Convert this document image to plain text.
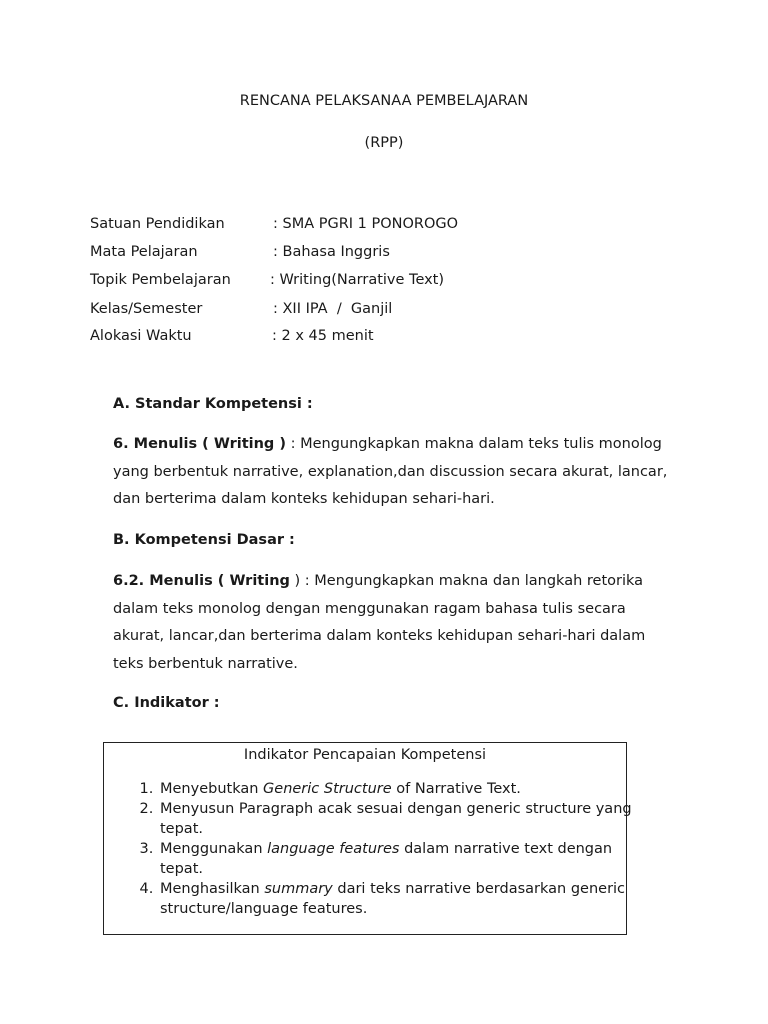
RENCANA PELAKSANAA PEMBELAJARAN
(RPP)
Satuan Pendidikan	: SMA PGRI 1 PONOROGO
Mata Pelajaran	: Bahasa Inggris
Topik Pembelajaran	: Writing(Narrative Text)
Kelas/Semester	: XII IPA  /  Ganjil
Alokasi Waktu	: 2 x 45 menit
A. Standar Kompetensi :
6. Menulis ( Writing ) : Mengungkapkan makna dalam teks tulis monolog yang berbentuk narrative, explanation,dan discussion secara akurat, lancar, dan berterima dalam konteks kehidupan sehari-hari.
B. Kompetensi Dasar :
6.2. Menulis ( Writing ) : Mengungkapkan makna dan langkah retorika dalam teks monolog dengan menggunakan ragam bahasa tulis secara akurat, lancar,dan berterima dalam konteks kehidupan sehari-hari dalam teks berbentuk narrative.
C. Indikator :
Indikator Pencapaian Kompetensi
1. Menyebutkan Generic Structure of Narrative Text.
2. Menyusun Paragraph acak sesuai dengan generic structure yang tepat.
3. Menggunakan language features dalam narrative text dengan tepat.
4. Menghasilkan summary dari teks narrative berdasarkan generic structure/language features.
